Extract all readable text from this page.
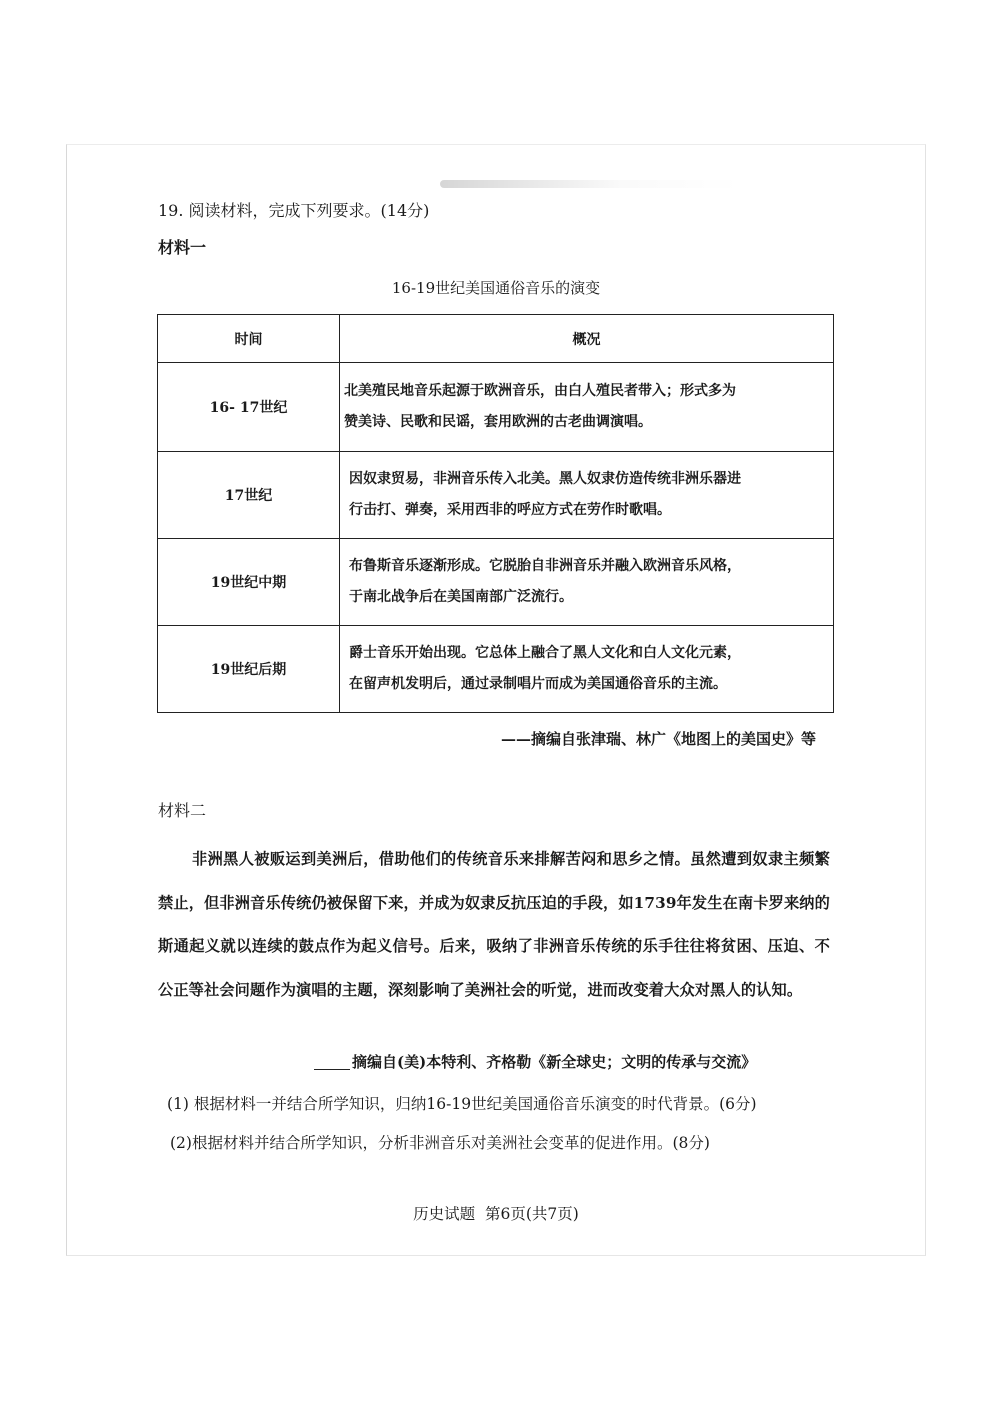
19. 阅读材料，完成下列要求。(14分)
材料一
16-19世纪美国通俗音乐的演变
时间	概况
16- 17世纪	北美殖民地音乐起源于欧洲音乐，由白人殖民者带入；形式多为
赞美诗、民歌和民谣，套用欧洲的古老曲调演唱。

17世纪	因奴隶贸易，非洲音乐传入北美。黑人奴隶仿造传统非洲乐器进
行击打、弹奏，采用西非的呼应方式在劳作时歌唱。

19世纪中期	布鲁斯音乐逐渐形成。它脱胎自非洲音乐并融入欧洲音乐风格，
于南北战争后在美国南部广泛流行。

19世纪后期	爵士音乐开始出现。它总体上融合了黑人文化和白人文化元素，
在留声机发明后，通过录制唱片而成为美国通俗音乐的主流。
——摘编自张津瑞、林广《地图上的美国史》等
材料二
非洲黑人被贩运到美洲后，借助他们的传统音乐来排解苦闷和思乡之情。虽然遭到奴隶主频繁禁止，但非洲音乐传统仍被保留下来，并成为奴隶反抗压迫的手段，如1739年发生在南卡罗来纳的斯通起义就以连续的鼓点作为起义信号。后来，吸纳了非洲音乐传统的乐手往往将贫困、压迫、不公正等社会问题作为演唱的主题，深刻影响了美洲社会的听觉，进而改变着大众对黑人的认知。
摘编自(美)本特利、齐格勒《新全球史；文明的传承与交流》
(1) 根据材料一并结合所学知识，归纳16-19世纪美国通俗音乐演变的时代背景。(6分)
(2)根据材料并结合所学知识，分析非洲音乐对美洲社会变革的促进作用。(8分)
历史试题  第6页(共7页)
